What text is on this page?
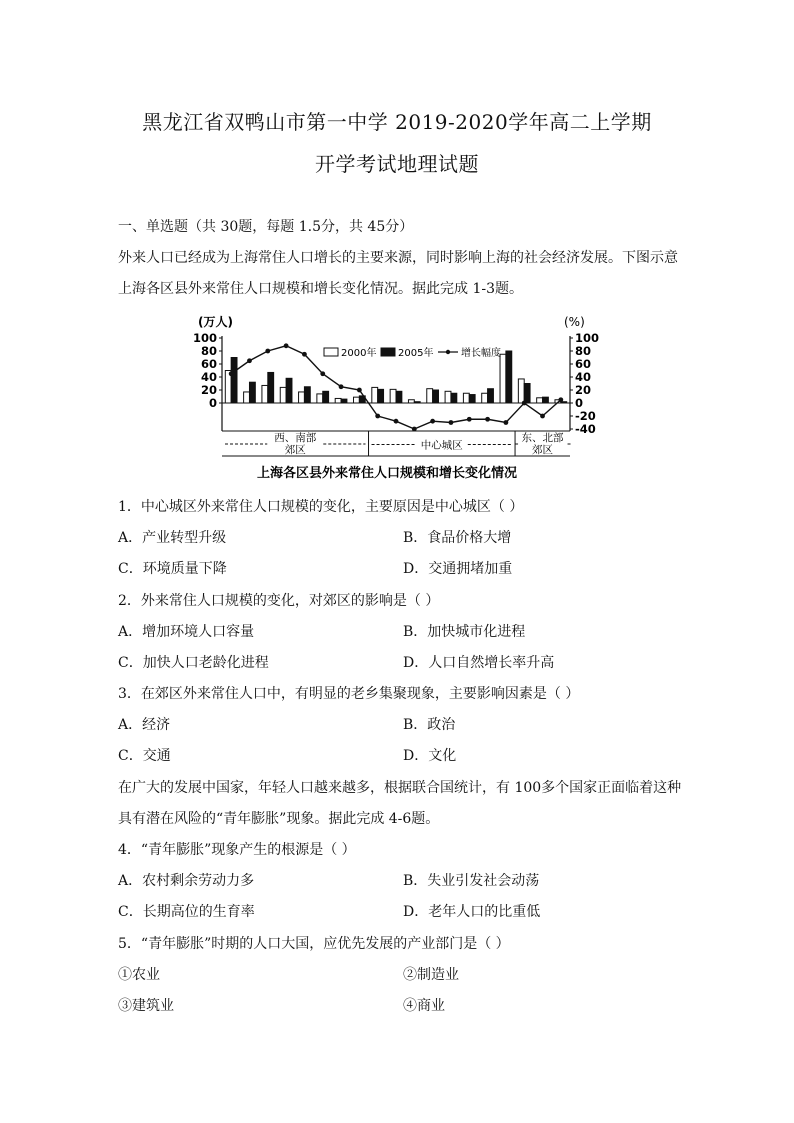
黑龙江省双鸭山市第一中学 2019-2020学年高二上学期
开学考试地理试题
一、单选题（共 30题，每题 1.5分，共 45分）
外来人口已经成为上海常住人口增长的主要来源，同时影响上海的社会经济发展。下图示意
上海各区县外来常住人口规模和增长变化情况。据此完成 1-3题。
(万人)	(%)
100
80
60
40
20
0
100
80
60
40
20
0
-20
-40
2000年 2005年	增长幅度
西、南部
郊区	中心城区
东、北部
郊区
上海各区县外来常住人口规模和增长变化情况
1．中心城区外来常住人口规模的变化，主要原因是中心城区（ ）
A．产业转型升级	B．食品价格大增
C．环境质量下降	D．交通拥堵加重
2．外来常住人口规模的变化，对郊区的影响是（ ）
A．增加环境人口容量	B．加快城市化进程
C．加快人口老龄化进程	D．人口自然增长率升高
3．在郊区外来常住人口中，有明显的老乡集聚现象，主要影响因素是（ ）
A．经济	B．政治
C．交通	D．文化
在广大的发展中国家，年轻人口越来越多，根据联合国统计，有 100多个国家正面临着这种
具有潜在风险的“青年膨胀”现象。据此完成 4-6题。
4．“青年膨胀”现象产生的根源是（ ）
A．农村剩余劳动力多	B．失业引发社会动荡
C．长期高位的生育率	D．老年人口的比重低
5．“青年膨胀”时期的人口大国，应优先发展的产业部门是（ ）
①农业	②制造业
③建筑业	④商业
